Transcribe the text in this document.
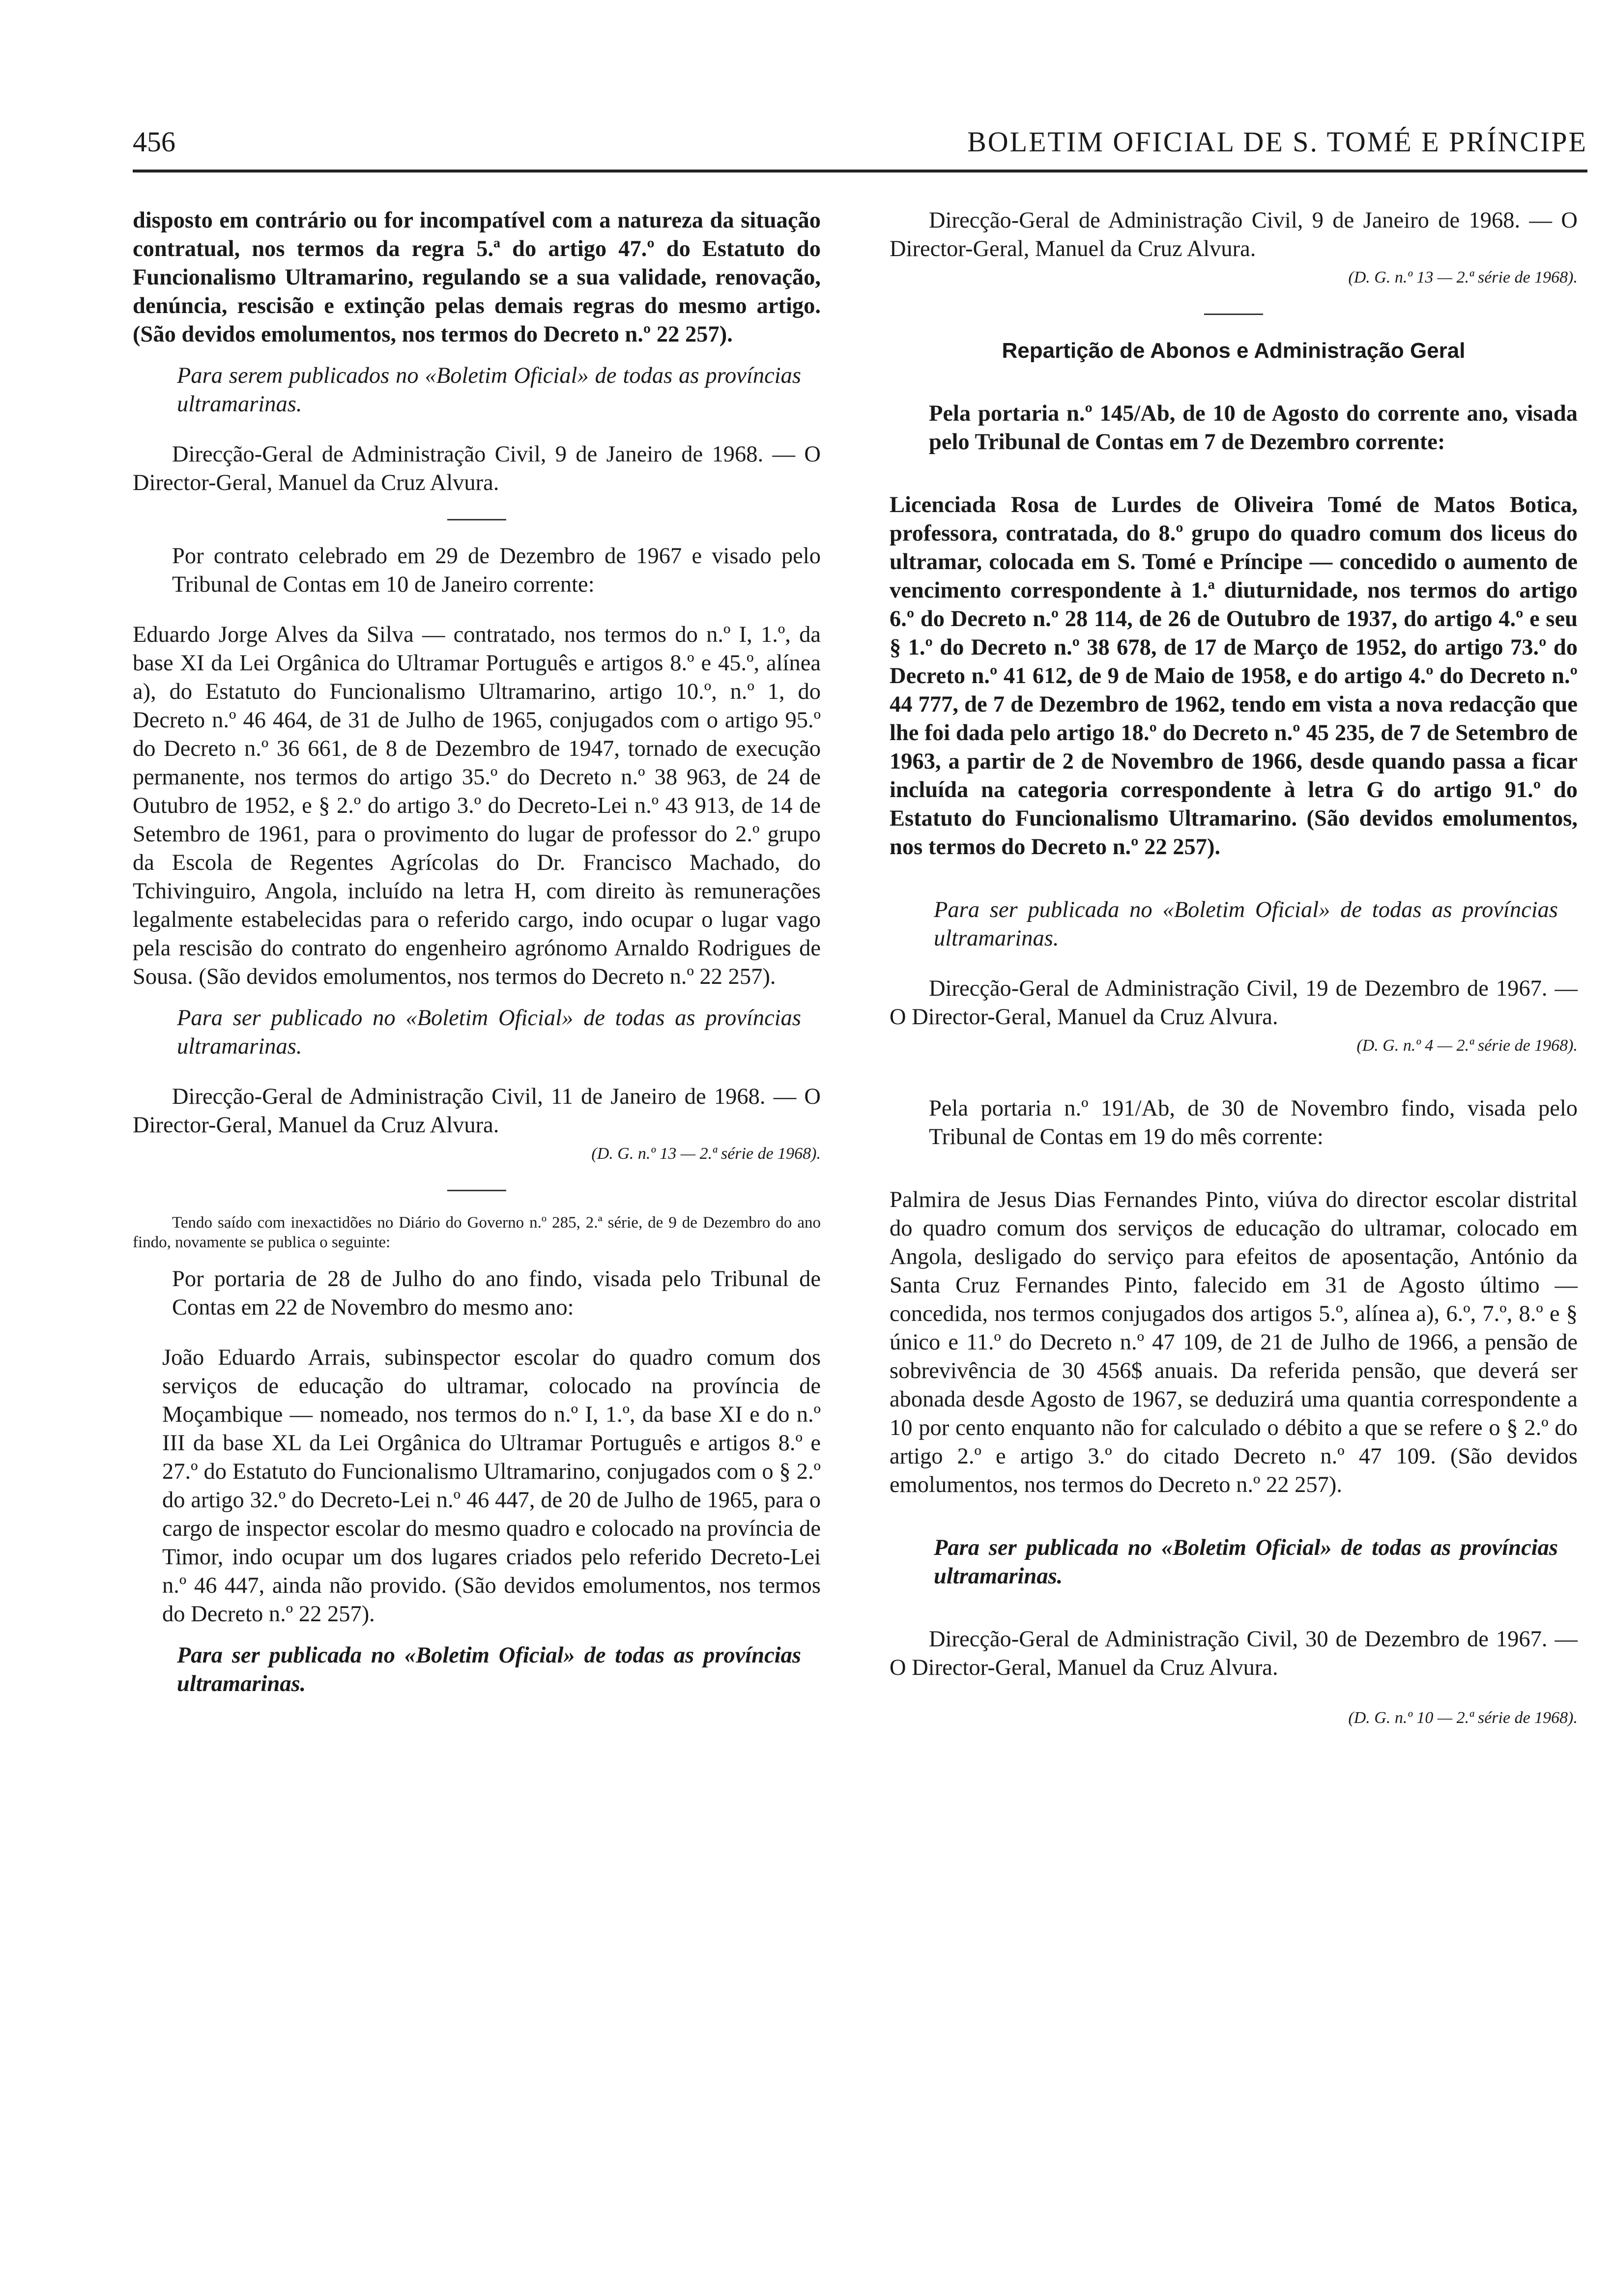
456	BOLETIM OFICIAL DE S. TOMÉ E PRÍNCIPE

disposto em contrário ou for incompatível com a natureza da situação contratual, nos termos da regra 5.ª do artigo 47.º do Estatuto do Funcionalismo Ultramarino, regulando se a sua validade, renovação, denúncia, rescisão e extinção pelas demais regras do mesmo artigo. (São devidos emolumentos, nos termos do Decreto n.º 22 257).

Para serem publicados no «Boletim Oficial» de todas as províncias ultramarinas.

Direcção-Geral de Administração Civil, 9 de Janeiro de 1968. — O Director-Geral, Manuel da Cruz Alvura.

Por contrato celebrado em 29 de Dezembro de 1967 e visado pelo Tribunal de Contas em 10 de Janeiro corrente:

Eduardo Jorge Alves da Silva — contratado, nos termos do n.º I, 1.º, da base XI da Lei Orgânica do Ultramar Português e artigos 8.º e 45.º, alínea a), do Estatuto do Funcionalismo Ultramarino, artigo 10.º, n.º 1, do Decreto n.º 46 464, de 31 de Julho de 1965, conjugados com o artigo 95.º do Decreto n.º 36 661, de 8 de Dezembro de 1947, tornado de execução permanente, nos termos do artigo 35.º do Decreto n.º 38 963, de 24 de Outubro de 1952, e § 2.º do artigo 3.º do Decreto-Lei n.º 43 913, de 14 de Setembro de 1961, para o provimento do lugar de professor do 2.º grupo da Escola de Regentes Agrícolas do Dr. Francisco Machado, do Tchivinguiro, Angola, incluído na letra H, com direito às remunerações legalmente estabelecidas para o referido cargo, indo ocupar o lugar vago pela rescisão do contrato do engenheiro agrónomo Arnaldo Rodrigues de Sousa. (São devidos emolumentos, nos termos do Decreto n.º 22 257).

Para ser publicado no «Boletim Oficial» de todas as províncias ultramarinas.

Direcção-Geral de Administração Civil, 11 de Janeiro de 1968. — O Director-Geral, Manuel da Cruz Alvura.

(D. G. n.º 13 — 2.ª série de 1968).

Tendo saído com inexactidões no Diário do Governo n.º 285, 2.ª série, de 9 de Dezembro do ano findo, novamente se publica o seguinte:

Por portaria de 28 de Julho do ano findo, visada pelo Tribunal de Contas em 22 de Novembro do mesmo ano:

João Eduardo Arrais, subinspector escolar do quadro comum dos serviços de educação do ultramar, colocado na província de Moçambique — nomeado, nos termos do n.º I, 1.º, da base XI e do n.º III da base XL da Lei Orgânica do Ultramar Português e artigos 8.º e 27.º do Estatuto do Funcionalismo Ultramarino, conjugados com o § 2.º do artigo 32.º do Decreto-Lei n.º 46 447, de 20 de Julho de 1965, para o cargo de inspector escolar do mesmo quadro e colocado na província de Timor, indo ocupar um dos lugares criados pelo referido Decreto-Lei n.º 46 447, ainda não provido. (São devidos emolumentos, nos termos do Decreto n.º 22 257).

Para ser publicada no «Boletim Oficial» de todas as províncias ultramarinas.

Direcção-Geral de Administração Civil, 9 de Janeiro de 1968. — O Director-Geral, Manuel da Cruz Alvura.

(D. G. n.º 13 — 2.ª série de 1968).

Repartição de Abonos e Administração Geral

Pela portaria n.º 145/Ab, de 10 de Agosto do corrente ano, visada pelo Tribunal de Contas em 7 de Dezembro corrente:

Licenciada Rosa de Lurdes de Oliveira Tomé de Matos Botica, professora, contratada, do 8.º grupo do quadro comum dos liceus do ultramar, colocada em S. Tomé e Príncipe — concedido o aumento de vencimento correspondente à 1.ª diuturnidade, nos termos do artigo 6.º do Decreto n.º 28 114, de 26 de Outubro de 1937, do artigo 4.º e seu § 1.º do Decreto n.º 38 678, de 17 de Março de 1952, do artigo 73.º do Decreto n.º 41 612, de 9 de Maio de 1958, e do artigo 4.º do Decreto n.º 44 777, de 7 de Dezembro de 1962, tendo em vista a nova redacção que lhe foi dada pelo artigo 18.º do Decreto n.º 45 235, de 7 de Setembro de 1963, a partir de 2 de Novembro de 1966, desde quando passa a ficar incluída na categoria correspondente à letra G do artigo 91.º do Estatuto do Funcionalismo Ultramarino. (São devidos emolumentos, nos termos do Decreto n.º 22 257).

Para ser publicada no «Boletim Oficial» de todas as províncias ultramarinas.

Direcção-Geral de Administração Civil, 19 de Dezembro de 1967. — O Director-Geral, Manuel da Cruz Alvura.

(D. G. n.º 4 — 2.ª série de 1968).

Pela portaria n.º 191/Ab, de 30 de Novembro findo, visada pelo Tribunal de Contas em 19 do mês corrente:

Palmira de Jesus Dias Fernandes Pinto, viúva do director escolar distrital do quadro comum dos serviços de educação do ultramar, colocado em Angola, desligado do serviço para efeitos de aposentação, António da Santa Cruz Fernandes Pinto, falecido em 31 de Agosto último — concedida, nos termos conjugados dos artigos 5.º, alínea a), 6.º, 7.º, 8.º e § único e 11.º do Decreto n.º 47 109, de 21 de Julho de 1966, a pensão de sobrevivência de 30 456$ anuais. Da referida pensão, que deverá ser abonada desde Agosto de 1967, se deduzirá uma quantia correspondente a 10 por cento enquanto não for calculado o débito a que se refere o § 2.º do artigo 2.º e artigo 3.º do citado Decreto n.º 47 109. (São devidos emolumentos, nos termos do Decreto n.º 22 257).

Para ser publicada no «Boletim Oficial» de todas as províncias ultramarinas.

Direcção-Geral de Administração Civil, 30 de Dezembro de 1967. — O Director-Geral, Manuel da Cruz Alvura.

(D. G. n.º 10 — 2.ª série de 1968).
